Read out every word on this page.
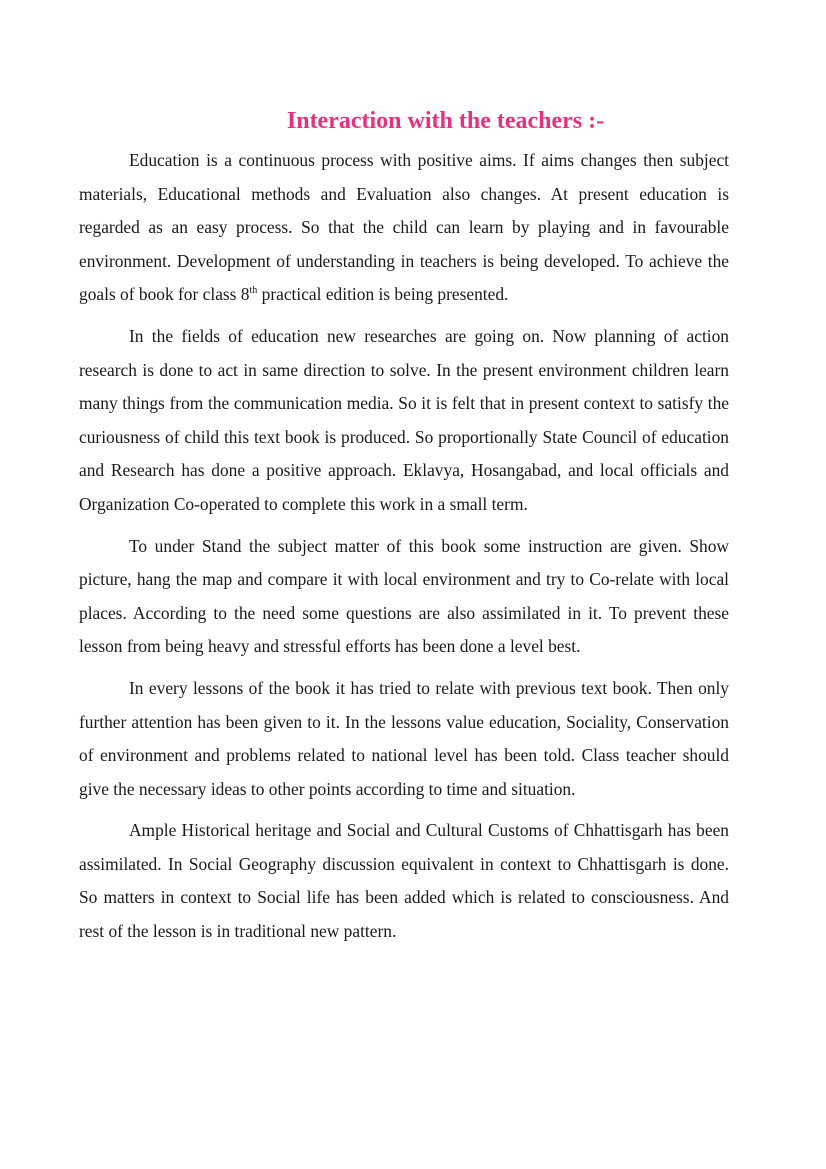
Interaction with the teachers :-

Education is a continuous process with positive aims. If aims changes then subject materials, Educational methods and Evaluation also changes. At present education is regarded as an easy process. So that the child can learn by playing and in favourable environment. Development of understanding in teachers is being developed. To achieve the goals of book for class 8th practical edition is being presented.

In the fields of education new researches are going on. Now planning of action research is done to act in same direction to solve. In the present environment children learn many things from the communication media. So it is felt that in present context to satisfy the curiousness of child this text book is produced. So proportionally State Council of education and Research has done a positive approach. Eklavya, Hosangabad, and local officials and Organization Co-operated to complete this work in a small term.

To under Stand the subject matter of this book some instruction are given. Show picture, hang the map and compare it with local environment and try to Co-relate with local places. According to the need some questions are also assimilated in it. To prevent these lesson from being heavy and stressful efforts has been done a level best.

In every lessons of the book it has tried to relate with previous text book. Then only further attention has been given to it. In the lessons value education, Sociality, Conservation of environment and problems related to national level has been told. Class teacher should give the necessary ideas to other points according to time and situation.

Ample Historical heritage and Social and Cultural Customs of Chhattisgarh has been assimilated. In Social Geography discussion equivalent in context to Chhattisgarh is done. So matters in context to Social life has been added which is related to consciousness. And rest of the lesson is in traditional new pattern.
